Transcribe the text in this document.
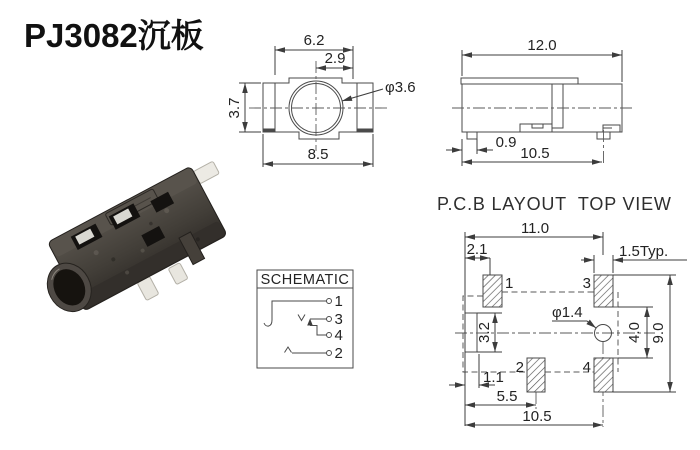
PJ3082沉板	6.2
2.9
3.7
8.5
φ3.6
12.0
0.9
10.5
SCHEMATIC
1
3
4
2
P.C.B LAYOUT  TOP VIEW
1	3
2	4
11.0
2.1	1.5Typ.
3.2
φ1.4
4.0 9.0
1.1
5.5
10.5
